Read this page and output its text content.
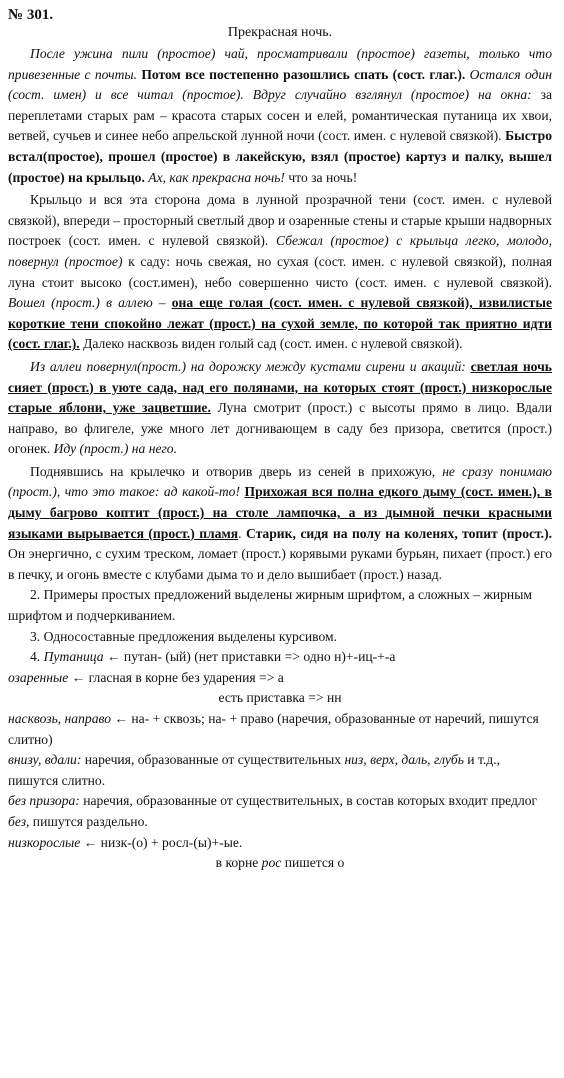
№ 301.
Прекрасная ночь.

После ужина пили (простое) чай, просматривали (простое) газеты, только что привезенные с почты. Потом все постепенно разошлись спать (сост. глаг.). Остался один (сост. имен) и все читал (простое). Вдруг случайно взглянул (простое) на окна: за переплетами старых рам – красота старых сосен и елей, романтическая путаница их хвои, ветвей, сучьев и синее небо апрельской лунной ночи (сост. имен. с нулевой связкой). Быстро встал(простое), прошел (простое) в лакейскую, взял (простое) картуз и палку, вышел (простое) на крыльцо. Ах, как прекрасна ночь! что за ночь!

Крыльцо и вся эта сторона дома в лунной прозрачной тени (сост. имен. с нулевой связкой), впереди – просторный светлый двор и озаренные стены и старые крыши надворных построек (сост. имен. с нулевой связкой). Сбежал (простое) с крыльца легко, молодо, повернул (простое) к саду: ночь свежая, но сухая (сост. имен. с нулевой связкой), полная луна стоит высоко (сост.имен), небо совершенно чисто (сост. имен. с нулевой связкой). Вошел (прост.) в аллею – она еще голая (сост. имен. с нулевой связкой), извилистые короткие тени спокойно лежат (прост.) на сухой земле, по которой так приятно идти (сост. глаг.). Далеко насквозь виден голый сад (сост. имен. с нулевой связкой).

Из аллеи повернул(прост.) на дорожку между кустами сирени и акаций: светлая ночь сияет (прост.) в уюте сада, над его полянами, на которых стоят (прост.) низкорослые старые яблони, уже зацветшие. Луна смотрит (прост.) с высоты прямо в лицо. Вдали направо, во флигеле, уже много лет догнивающем в саду без призора, светится (прост.) огонек. Иду (прост.) на него.

Поднявшись на крылечко и отворив дверь из сеней в прихожую, не сразу понимаю (прост.), что это такое: ад какой-то! Прихожая вся полна едкого дыму (сост. имен.), в дыму багрово коптит (прост.) на столе лампочка, а из дымной печки красными языками вырывается (прост.) пламя. Старик, сидя на полу на коленях, топит (прост.). Он энергично, с сухим треском, ломает (прост.) корявыми руками бурьян, пихает (прост.) его в печку, и огонь вместе с клубами дыма то и дело вышибает (прост.) назад.

2. Примеры простых предложений выделены жирным шрифтом, а сложных – жирным шрифтом и подчеркиванием.

3. Односоставные предложения выделены курсивом.

4. Путаница ← путан- (ый) (нет приставки => одно н)+-иц-+-а

озаренные ← гласная в корне без ударения => а

есть приставка => нн

насквозь, направо ← на- + сквозь; на- + право (наречия, образованные от наречий, пишутся слитно)

внизу, вдали: наречия, образованные от существительных низ, верх, даль, глубь и т.д., пишутся слитно.

без призора: наречия, образованные от существительных, в состав которых входит предлог без, пишутся раздельно.

низкорослые ← низк-(о) + росл-(ы)+-ые.

в корне рос пишется о
